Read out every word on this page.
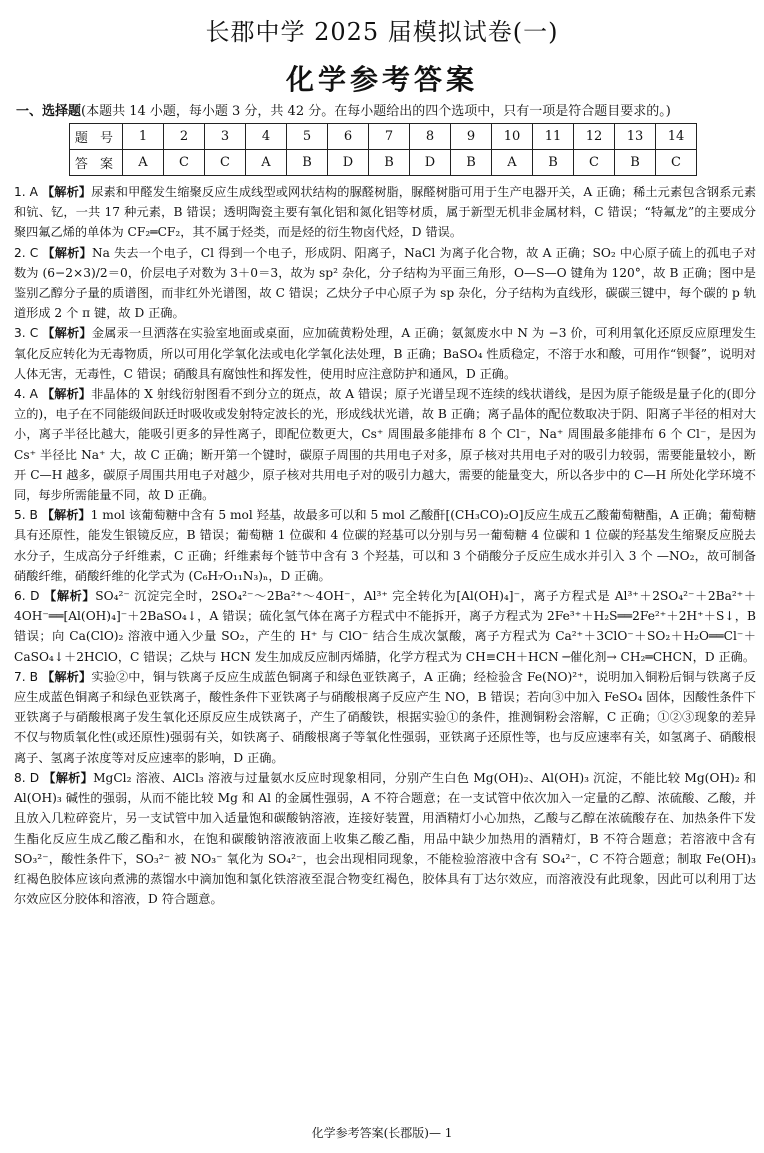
长郡中学 2025 届模拟试卷(一)
化学参考答案
一、选择题(本题共 14 小题，每小题 3 分，共 42 分。在每小题给出的四个选项中，只有一项是符合题目要求的。)
题 号	1	2	3	4	5	6	7	8	9	10	11	12	13	14
答 案	A	C	C	A	B	D	B	D	B	A	B	C	B	C

1. A 【解析】尿素和甲醛发生缩聚反应生成线型或网状结构的脲醛树脂，脲醛树脂可用于生产电器开关，A 正确；稀土元素包含钢系元素和钪、钇，一共 17 种元素，B 错误；透明陶瓷主要有氧化铝和氮化铝等材质，属于新型无机非金属材料，C 错误；“特氟龙”的主要成分聚四氟乙烯的单体为 CF₂═CF₂，其不属于烃类，而是烃的衍生物卤代烃，D 错误。

2. C 【解析】Na 失去一个电子，Cl 得到一个电子，形成阴、阳离子，NaCl 为离子化合物，故 A 正确；SO₂ 中心原子硫上的孤电子对数为 (6−2×3)/2＝0，价层电子对数为 3＋0＝3，故为 sp² 杂化，分子结构为平面三角形，O—S—O 键角为 120°，故 B 正确；图中是鉴别乙醇分子量的质谱图，而非红外光谱图，故 C 错误；乙炔分子中心原子为 sp 杂化，分子结构为直线形，碳碳三键中，每个碳的 p 轨道形成 2 个 π 键，故 D 正确。

3. C 【解析】金属汞一旦洒落在实验室地面或桌面，应加硫黄粉处理，A 正确；氨氮废水中 N 为 −3 价，可利用氧化还原反应原理发生氧化反应转化为无毒物质，所以可用化学氧化法或电化学氧化法处理，B 正确；BaSO₄ 性质稳定，不溶于水和酸，可用作“钡餐”，说明对人体无害，无毒性，C 错误；硝酸具有腐蚀性和挥发性，使用时应注意防护和通风，D 正确。

4. A 【解析】非晶体的 X 射线衍射图看不到分立的斑点，故 A 错误；原子光谱呈现不连续的线状谱线，是因为原子能级是量子化的(即分立的)，电子在不同能级间跃迁时吸收或发射特定波长的光，形成线状光谱，故 B 正确；离子晶体的配位数取决于阴、阳离子半径的相对大小，离子半径比越大，能吸引更多的异性离子，即配位数更大，Cs⁺ 周围最多能排布 8 个 Cl⁻，Na⁺ 周围最多能排布 6 个 Cl⁻，是因为 Cs⁺ 半径比 Na⁺ 大，故 C 正确；断开第一个键时，碳原子周围的共用电子对多，原子核对共用电子对的吸引力较弱，需要能量较小，断开 C—H 越多，碳原子周围共用电子对越少，原子核对共用电子对的吸引力越大，需要的能量变大，所以各步中的 C—H 所处化学环境不同，每步所需能量不同，故 D 正确。

5. B 【解析】1 mol 该葡萄糖中含有 5 mol 羟基，故最多可以和 5 mol 乙酸酐[(CH₃CO)₂O]反应生成五乙酸葡萄糖酯，A 正确；葡萄糖具有还原性，能发生银镜反应，B 错误；葡萄糖 1 位碳和 4 位碳的羟基可以分别与另一葡萄糖 4 位碳和 1 位碳的羟基发生缩聚反应脱去水分子，生成高分子纤维素，C 正确；纤维素每个链节中含有 3 个羟基，可以和 3 个硝酸分子反应生成水并引入 3 个 —NO₂，故可制备硝酸纤维，硝酸纤维的化学式为 (C₆H₇O₁₁N₃)ₙ，D 正确。

6. D 【解析】SO₄²⁻ 沉淀完全时，2SO₄²⁻～2Ba²⁺～4OH⁻，Al³⁺ 完全转化为[Al(OH)₄]⁻，离子方程式是 Al³⁺＋2SO₄²⁻＋2Ba²⁺＋4OH⁻══[Al(OH)₄]⁻＋2BaSO₄↓，A 错误；硫化氢气体在离子方程式中不能拆开，离子方程式为 2Fe³⁺＋H₂S══2Fe²⁺＋2H⁺＋S↓，B 错误；向 Ca(ClO)₂ 溶液中通入少量 SO₂，产生的 H⁺ 与 ClO⁻ 结合生成次氯酸，离子方程式为 Ca²⁺＋3ClO⁻＋SO₂＋H₂O══Cl⁻＋CaSO₄↓＋2HClO，C 错误；乙炔与 HCN 发生加成反应制丙烯腈，化学方程式为 CH≡CH＋HCN ─催化剂→ CH₂═CHCN，D 正确。

7. B 【解析】实验②中，铜与铁离子反应生成蓝色铜离子和绿色亚铁离子，A 正确；经检验含 Fe(NO)²⁺，说明加入铜粉后铜与铁离子反应生成蓝色铜离子和绿色亚铁离子，酸性条件下亚铁离子与硝酸根离子反应产生 NO，B 错误；若向③中加入 FeSO₄ 固体，因酸性条件下亚铁离子与硝酸根离子发生氧化还原反应生成铁离子，产生了硝酸铁，根据实验①的条件，推测铜粉会溶解，C 正确；①②③现象的差异不仅与物质氧化性(或还原性)强弱有关，如铁离子、硝酸根离子等氧化性强弱，亚铁离子还原性等，也与反应速率有关，如氢离子、硝酸根离子、氢离子浓度等对反应速率的影响，D 正确。

8. D 【解析】MgCl₂ 溶液、AlCl₃ 溶液与过量氨水反应时现象相同，分别产生白色 Mg(OH)₂、Al(OH)₃ 沉淀，不能比较 Mg(OH)₂ 和 Al(OH)₃ 碱性的强弱，从而不能比较 Mg 和 Al 的金属性强弱，A 不符合题意；在一支试管中依次加入一定量的乙醇、浓硫酸、乙酸，并且放入几粒碎瓷片，另一支试管中加入适量饱和碳酸钠溶液，连接好装置，用酒精灯小心加热，乙酸与乙醇在浓硫酸存在、加热条件下发生酯化反应生成乙酸乙酯和水，在饱和碳酸钠溶液液面上收集乙酸乙酯，用品中缺少加热用的酒精灯，B 不符合题意；若溶液中含有 SO₃²⁻，酸性条件下，SO₃²⁻ 被 NO₃⁻ 氧化为 SO₄²⁻，也会出现相同现象，不能检验溶液中含有 SO₄²⁻，C 不符合题意；制取 Fe(OH)₃ 红褐色胶体应该向煮沸的蒸馏水中滴加饱和氯化铁溶液至混合物变红褐色，胶体具有丁达尔效应，而溶液没有此现象，因此可以利用丁达尔效应区分胶体和溶液，D 符合题意。

化学参考答案(长郡版)— 1
